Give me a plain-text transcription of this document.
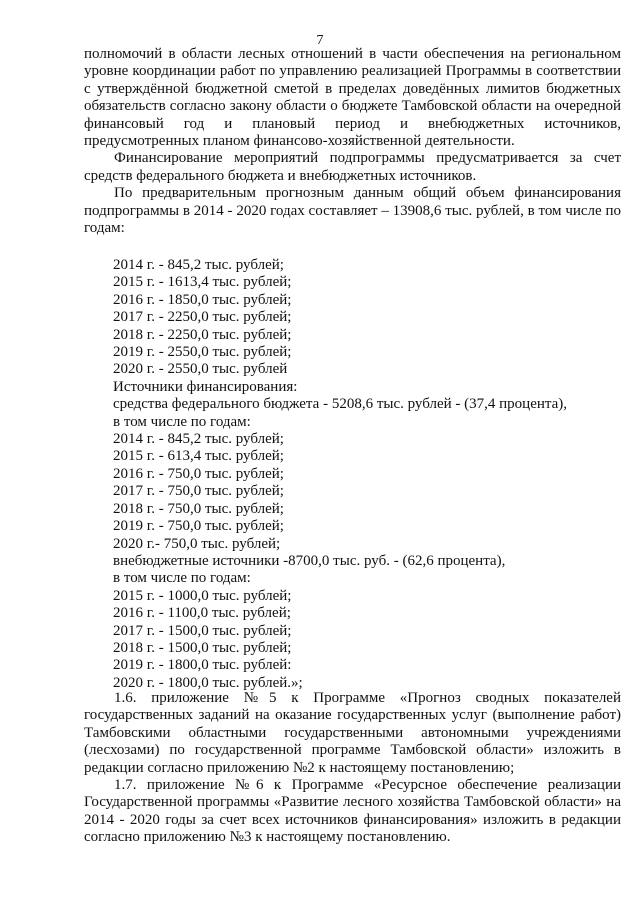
7

полномочий в области лесных отношений в части обеспечения на региональном уровне координации работ по управлению реализацией Программы в соответствии с утверждённой бюджетной сметой в пределах доведённых лимитов бюджетных обязательств согласно закону области о бюджете Тамбовской области на очередной финансовый год и плановый период и внебюджетных источников, предусмотренных планом финансово-хозяйственной деятельности.

Финансирование мероприятий подпрограммы предусматривается за счет средств федерального бюджета и внебюджетных источников.

По предварительным прогнозным данным общий объем финансирования подпрограммы в 2014 - 2020 годах составляет – 13908,6 тыс. рублей, в том числе по годам:

2014 г. - 845,2 тыс. рублей;
2015 г. - 1613,4 тыс. рублей;
2016 г. - 1850,0 тыс. рублей;
2017 г. - 2250,0 тыс. рублей;
2018 г. - 2250,0 тыс. рублей;
2019 г. - 2550,0 тыс. рублей;
2020 г. - 2550,0 тыс. рублей
Источники финансирования:
средства федерального бюджета - 5208,6 тыс. рублей - (37,4 процента),
в том числе по годам:
2014 г. - 845,2 тыс. рублей;
2015 г. - 613,4 тыс. рублей;
2016 г. - 750,0 тыс. рублей;
2017 г. - 750,0 тыс. рублей;
2018 г. - 750,0 тыс. рублей;
2019 г. - 750,0 тыс. рублей;
2020 г.- 750,0 тыс. рублей;
внебюджетные источники -8700,0 тыс. руб. - (62,6 процента),
в том числе по годам:
2015 г. - 1000,0 тыс. рублей;
2016 г. - 1100,0 тыс. рублей;
2017 г. - 1500,0 тыс. рублей;
2018 г. - 1500,0 тыс. рублей;
2019 г. - 1800,0 тыс. рублей:
2020 г. - 1800,0 тыс. рублей.»;

1.6. приложение №5 к Программе «Прогноз сводных показателей государственных заданий на оказание государственных услуг (выполнение работ) Тамбовскими областными государственными автономными учреждениями (лесхозами) по государственной программе Тамбовской области» изложить в редакции согласно приложению №2 к настоящему постановлению;

1.7. приложение №6 к Программе «Ресурсное обеспечение реализации Государственной программы «Развитие лесного хозяйства Тамбовской области» на 2014 - 2020 годы за счет всех источников финансирования» изложить в редакции согласно приложению №3 к настоящему постановлению.
